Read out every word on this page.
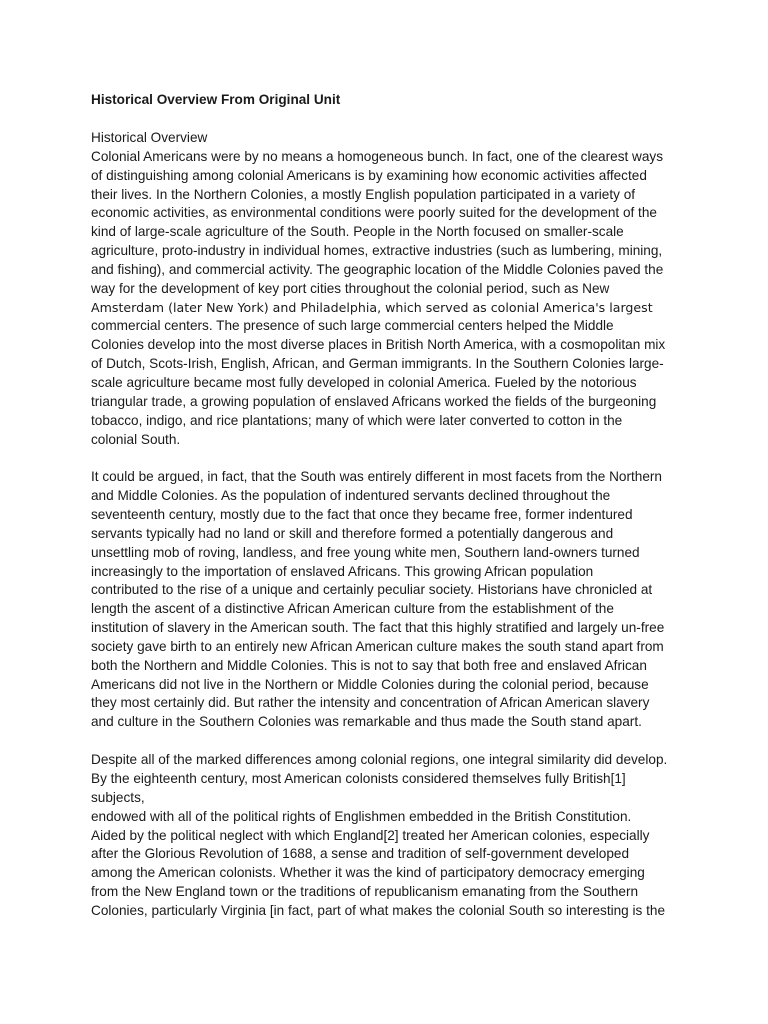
Historical Overview From Original Unit
Historical Overview
Colonial Americans were by no means a homogeneous bunch. In fact, one of the clearest ways
of distinguishing among colonial Americans is by examining how economic activities affected
their lives. In the Northern Colonies, a mostly English population participated in a variety of
economic activities, as environmental conditions were poorly suited for the development of the
kind of large-scale agriculture of the South. People in the North focused on smaller-scale
agriculture, proto-industry in individual homes, extractive industries (such as lumbering, mining,
and fishing), and commercial activity. The geographic location of the Middle Colonies paved the
way for the development of key port cities throughout the colonial period, such as New
Amsterdam (later New York) and Philadelphia, which served as colonial America's largest
commercial centers. The presence of such large commercial centers helped the Middle
Colonies develop into the most diverse places in British North America, with a cosmopolitan mix
of Dutch, Scots-Irish, English, African, and German immigrants. In the Southern Colonies large-
scale agriculture became most fully developed in colonial America. Fueled by the notorious
triangular trade, a growing population of enslaved Africans worked the fields of the burgeoning
tobacco, indigo, and rice plantations; many of which were later converted to cotton in the
colonial South.
It could be argued, in fact, that the South was entirely different in most facets from the Northern
and Middle Colonies. As the population of indentured servants declined throughout the
seventeenth century, mostly due to the fact that once they became free, former indentured
servants typically had no land or skill and therefore formed a potentially dangerous and
unsettling mob of roving, landless, and free young white men, Southern land-owners turned
increasingly to the importation of enslaved Africans. This growing African population
contributed to the rise of a unique and certainly peculiar society. Historians have chronicled at
length the ascent of a distinctive African American culture from the establishment of the
institution of slavery in the American south. The fact that this highly stratified and largely un-free
society gave birth to an entirely new African American culture makes the south stand apart from
both the Northern and Middle Colonies. This is not to say that both free and enslaved African
Americans did not live in the Northern or Middle Colonies during the colonial period, because
they most certainly did. But rather the intensity and concentration of African American slavery
and culture in the Southern Colonies was remarkable and thus made the South stand apart.
Despite all of the marked differences among colonial regions, one integral similarity did develop.
By the eighteenth century, most American colonists considered themselves fully British[1]
subjects,
endowed with all of the political rights of Englishmen embedded in the British Constitution.
Aided by the political neglect with which England[2] treated her American colonies, especially
after the Glorious Revolution of 1688, a sense and tradition of self-government developed
among the American colonists. Whether it was the kind of participatory democracy emerging
from the New England town or the traditions of republicanism emanating from the Southern
Colonies, particularly Virginia [in fact, part of what makes the colonial South so interesting is the
